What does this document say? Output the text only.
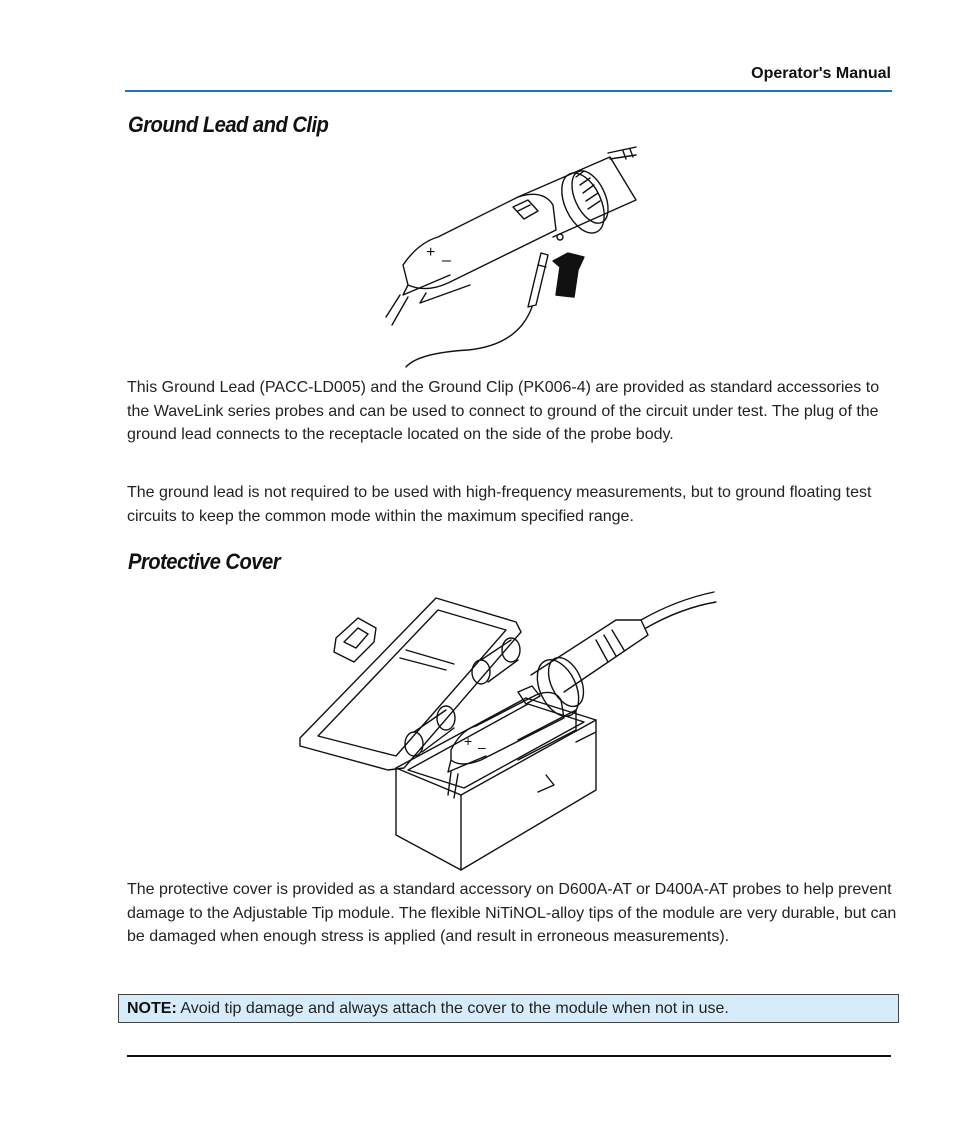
Operator's Manual
Ground Lead and Clip
+ –

This Ground Lead (PACC-LD005) and the Ground Clip (PK006-4) are provided as standard accessories to the WaveLink series probes and can be used to connect to ground of the circuit under test. The plug of the ground lead connects to the receptacle located on the side of the probe body.

The ground lead is not required to be used with high-frequency measurements, but to ground floating test circuits to keep the common mode within the maximum specified range.

Protective Cover
+ –

The protective cover is provided as a standard accessory on D600A-AT or D400A-AT probes to help prevent damage to the Adjustable Tip module. The flexible NiTiNOL-alloy tips of the module are very durable, but can be damaged when enough stress is applied (and result in erroneous measurements).

NOTE: Avoid tip damage and always attach the cover to the module when not in use.
